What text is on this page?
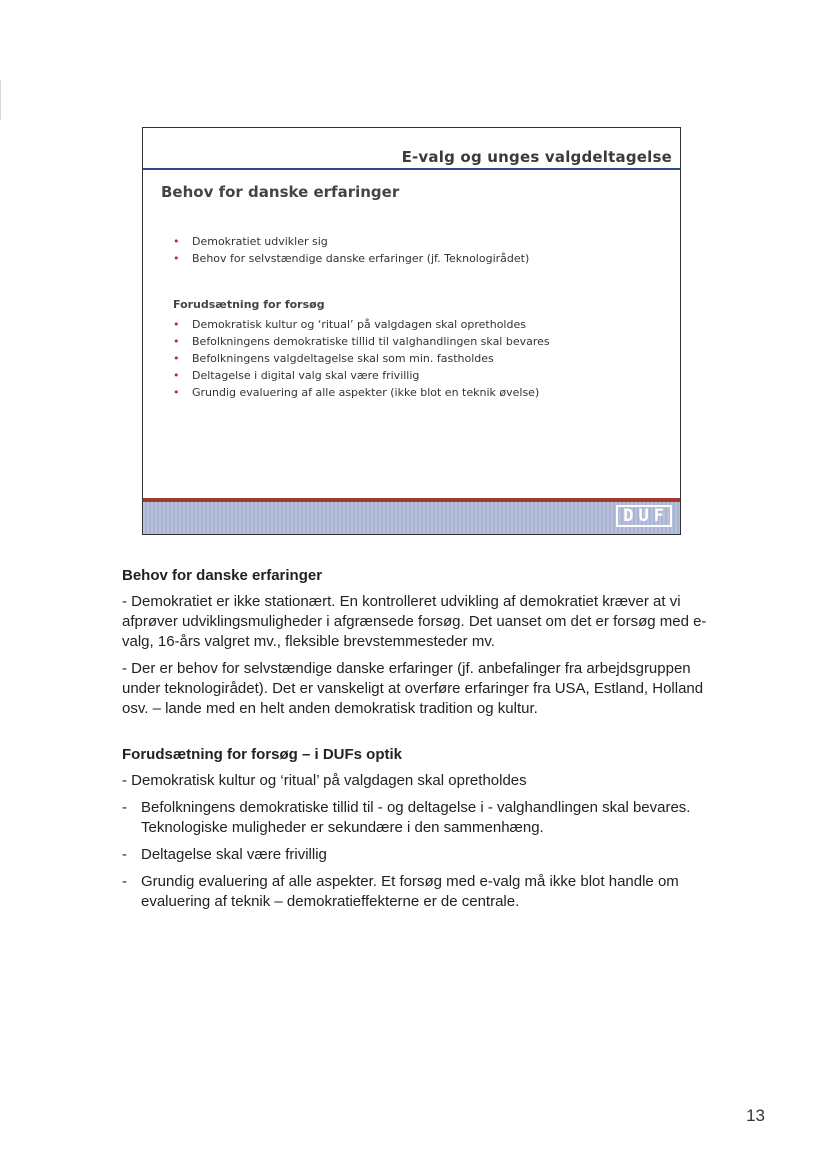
E-valg og unges valgdeltagelse
Behov for danske erfaringer
• Demokratiet udvikler sig
• Behov for selvstændige danske erfaringer (jf. Teknologirådet)
Forudsætning for forsøg
• Demokratisk kultur og ‘ritual’ på valgdagen skal opretholdes
• Befolkningens demokratiske tillid til valghandlingen skal bevares
• Befolkningens valgdeltagelse skal som min. fastholdes
• Deltagelse i digital valg skal være frivillig
• Grundig evaluering af alle aspekter (ikke blot en teknik øvelse)
DUF
Behov for danske erfaringer

- Demokratiet er ikke stationært. En kontrolleret udvikling af demokratiet kræver at vi afprøver udviklingsmuligheder i afgrænsede forsøg. Det uanset om det er forsøg med e-valg, 16-års valgret mv., fleksible brevstemmesteder mv.

- Der er behov for selvstændige danske erfaringer (jf. anbefalinger fra arbejdsgruppen under teknologirådet). Det er vanskeligt at overføre erfaringer fra USA, Estland, Holland osv. – lande med en helt anden demokratisk tradition og kultur.

Forudsætning for forsøg – i DUFs optik

- Demokratisk kultur og ‘ritual’ på valgdagen skal opretholdes

- Befolkningens demokratiske tillid til - og deltagelse i - valghandlingen skal bevares. Teknologiske muligheder er sekundære i den sammenhæng.
- Deltagelse skal være frivillig
- Grundig evaluering af alle aspekter. Et forsøg med e-valg må ikke blot handle om evaluering af teknik – demokratieffekterne er de centrale.
13
